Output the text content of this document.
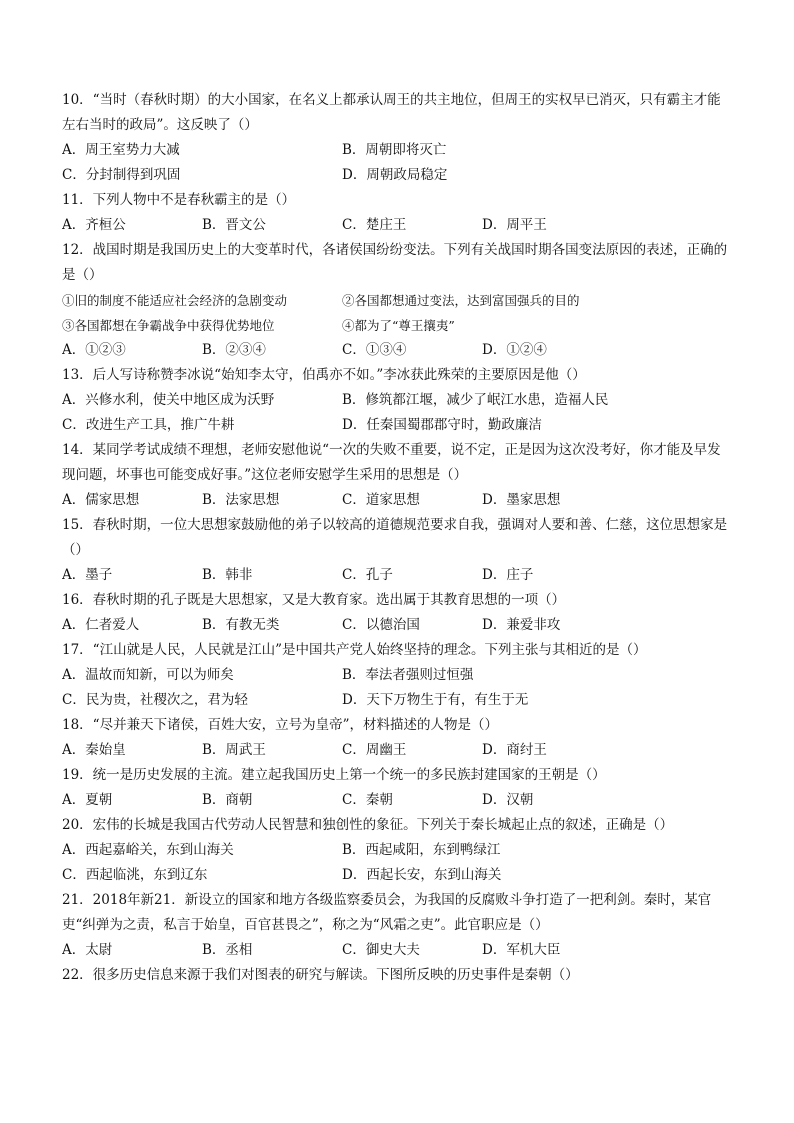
10．“当时（春秋时期）的大小国家，在名义上都承认周王的共主地位，但周王的实权早已消灭，只有霸主才能左右当时的政局”。这反映了（）

A．周王室势力大减	B．周朝即将灭亡
C．分封制得到巩固	D．周朝政局稳定

11．下列人物中不是春秋霸主的是（）

A．齐桓公	B．晋文公	C．楚庄王	D．周平王

12．战国时期是我国历史上的大变革时代，各诸侯国纷纷变法。下列有关战国时期各国变法原因的表述，正确的是（）

①旧的制度不能适应社会经济的急剧变动	②各国都想通过变法，达到富国强兵的目的
③各国都想在争霸战争中获得优势地位	④都为了“尊王攘夷”
A．①②③	B．②③④	C．①③④	D．①②④

13．后人写诗称赞李冰说“始知李太守，伯禹亦不如。”李冰获此殊荣的主要原因是他（）

A．兴修水利，使关中地区成为沃野	B．修筑都江堰，减少了岷江水患，造福人民
C．改进生产工具，推广牛耕	D．任秦国蜀郡郡守时，勤政廉洁

14．某同学考试成绩不理想，老师安慰他说“一次的失败不重要，说不定，正是因为这次没考好，你才能及早发现问题，坏事也可能变成好事。”这位老师安慰学生采用的思想是（）

A．儒家思想	B．法家思想	C．道家思想	D．墨家思想

15．春秋时期，一位大思想家鼓励他的弟子以较高的道德规范要求自我，强调对人要和善、仁慈，这位思想家是（）

A．墨子	B．韩非	C．孔子	D．庄子

16．春秋时期的孔子既是大思想家，又是大教育家。选出属于其教育思想的一项（）

A．仁者爱人	B．有教无类	C．以德治国	D．兼爱非攻

17．“江山就是人民，人民就是江山”是中国共产党人始终坚持的理念。下列主张与其相近的是（）

A．温故而知新，可以为师矣	B．奉法者强则过恒强
C．民为贵，社稷次之，君为轻	D．天下万物生于有，有生于无

18．“尽并兼天下诸侯，百姓大安，立号为皇帝”，材料描述的人物是（）

A．秦始皇	B．周武王	C．周幽王	D．商纣王

19．统一是历史发展的主流。建立起我国历史上第一个统一的多民族封建国家的王朝是（）

A．夏朝	B．商朝	C．秦朝	D．汉朝

20．宏伟的长城是我国古代劳动人民智慧和独创性的象征。下列关于秦长城起止点的叙述，正确是（）

A．西起嘉峪关，东到山海关	B．西起咸阳，东到鸭绿江
C．西起临洮，东到辽东	D．西起长安，东到山海关

21．2018年新21．新设立的国家和地方各级监察委员会，为我国的反腐败斗争打造了一把利剑。秦时，某官吏“纠弹为之责，私言于始皇，百官甚畏之”，称之为“风霜之吏”。此官职应是（）

A．太尉	B．丞相	C．御史大夫	D．军机大臣

22．很多历史信息来源于我们对图表的研究与解读。下图所反映的历史事件是秦朝（）
